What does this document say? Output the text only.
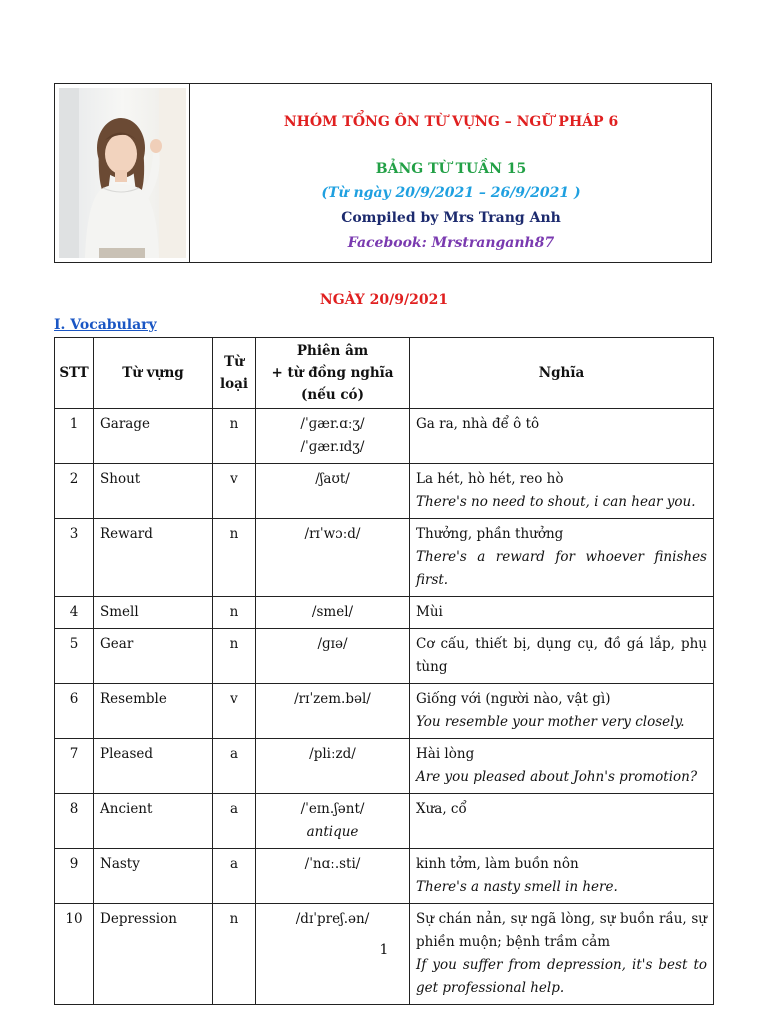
NHÓM TỔNG ÔN TỪ VỰNG – NGỮ PHÁP 6
BẢNG TỪ TUẦN 15
(Từ ngày 20/9/2021 – 26/9/2021 )
Compiled by Mrs Trang Anh
Facebook: Mrstranganh87
NGÀY 20/9/2021
I. Vocabulary
STT	Từ vựng	Từ
loại	Phiên âm
+ từ đồng nghĩa
(nếu có)	Nghĩa
1	Garage	n	/ˈɡær.ɑːʒ/
/ˈɡær.ɪdʒ/	Ga ra, nhà để ô tô

2	Shout	v	/ʃaʊt/	La hét, hò hét, reo hò
There's no need to shout, i can hear you.

3	Reward	n	/rɪˈwɔːd/	Thưởng, phần thưởng
There's a reward for whoever finishes first.

4	Smell	n	/smel/	Mùi

5	Gear	n	/ɡɪə/	Cơ cấu, thiết bị, dụng cụ, đồ gá lắp, phụ tùng

6	Resemble	v	/rɪˈzem.bəl/	Giống với (người nào, vật gì)
You resemble your mother very closely.

7	Pleased	a	/pliːzd/	Hài lòng
Are you pleased about John's promotion?

8	Ancient	a	/ˈeɪn.ʃənt/
antique	Xưa, cổ

9	Nasty	a	/ˈnɑː.sti/	kinh tởm, làm buồn nôn
There's a nasty smell in here.

10	Depression	n	/dɪˈpreʃ.ən/	Sự chán nản, sự ngã lòng, sự buồn rầu, sự phiền muộn; bệnh trầm cảm
If you suffer from depression, it's best to get professional help.
1
